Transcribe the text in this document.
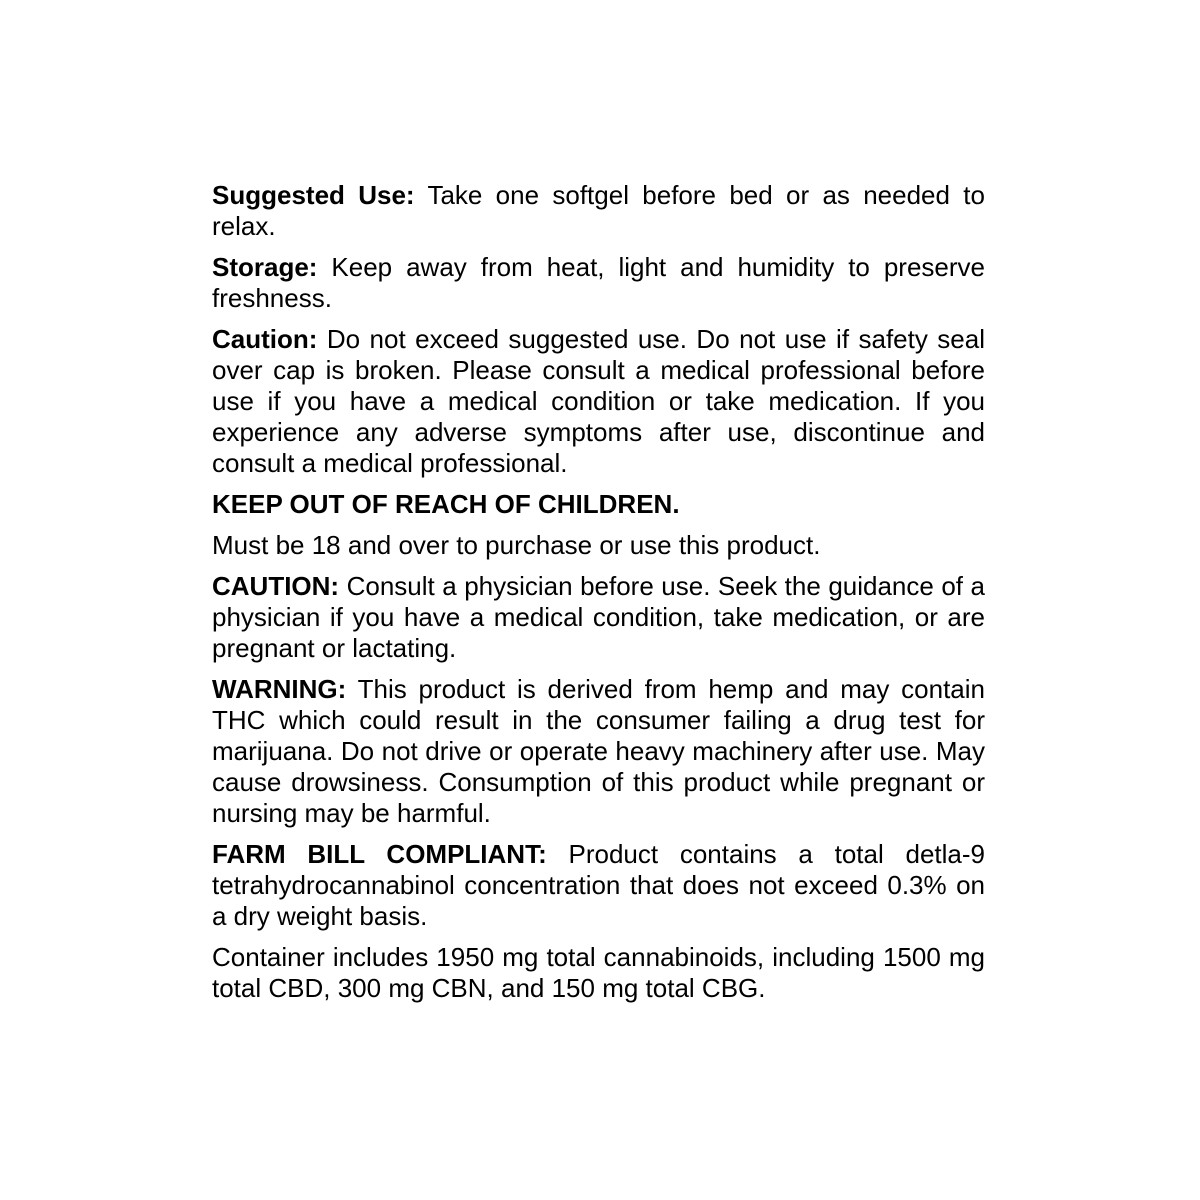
Suggested Use: Take one softgel before bed or as needed to relax.

Storage: Keep away from heat, light and humidity to preserve freshness.

Caution: Do not exceed suggested use. Do not use if safety seal over cap is broken. Please consult a medical professional before use if you have a medical condition or take medication. If you experience any adverse symptoms after use, discontinue and consult a medical professional.

KEEP OUT OF REACH OF CHILDREN.

Must be 18 and over to purchase or use this product.

CAUTION: Consult a physician before use. Seek the guidance of a physician if you have a medical condition, take medication, or are pregnant or lactating.

WARNING: This product is derived from hemp and may contain THC which could result in the consumer failing a drug test for marijuana. Do not drive or operate heavy machinery after use. May cause drowsiness. Consumption of this product while pregnant or nursing may be harmful.

FARM BILL COMPLIANT: Product contains a total detla-9 tetrahydrocannabinol concentration that does not exceed 0.3% on a dry weight basis.

Container includes 1950 mg total cannabinoids, including 1500 mg total CBD, 300 mg CBN, and 150 mg total CBG.
